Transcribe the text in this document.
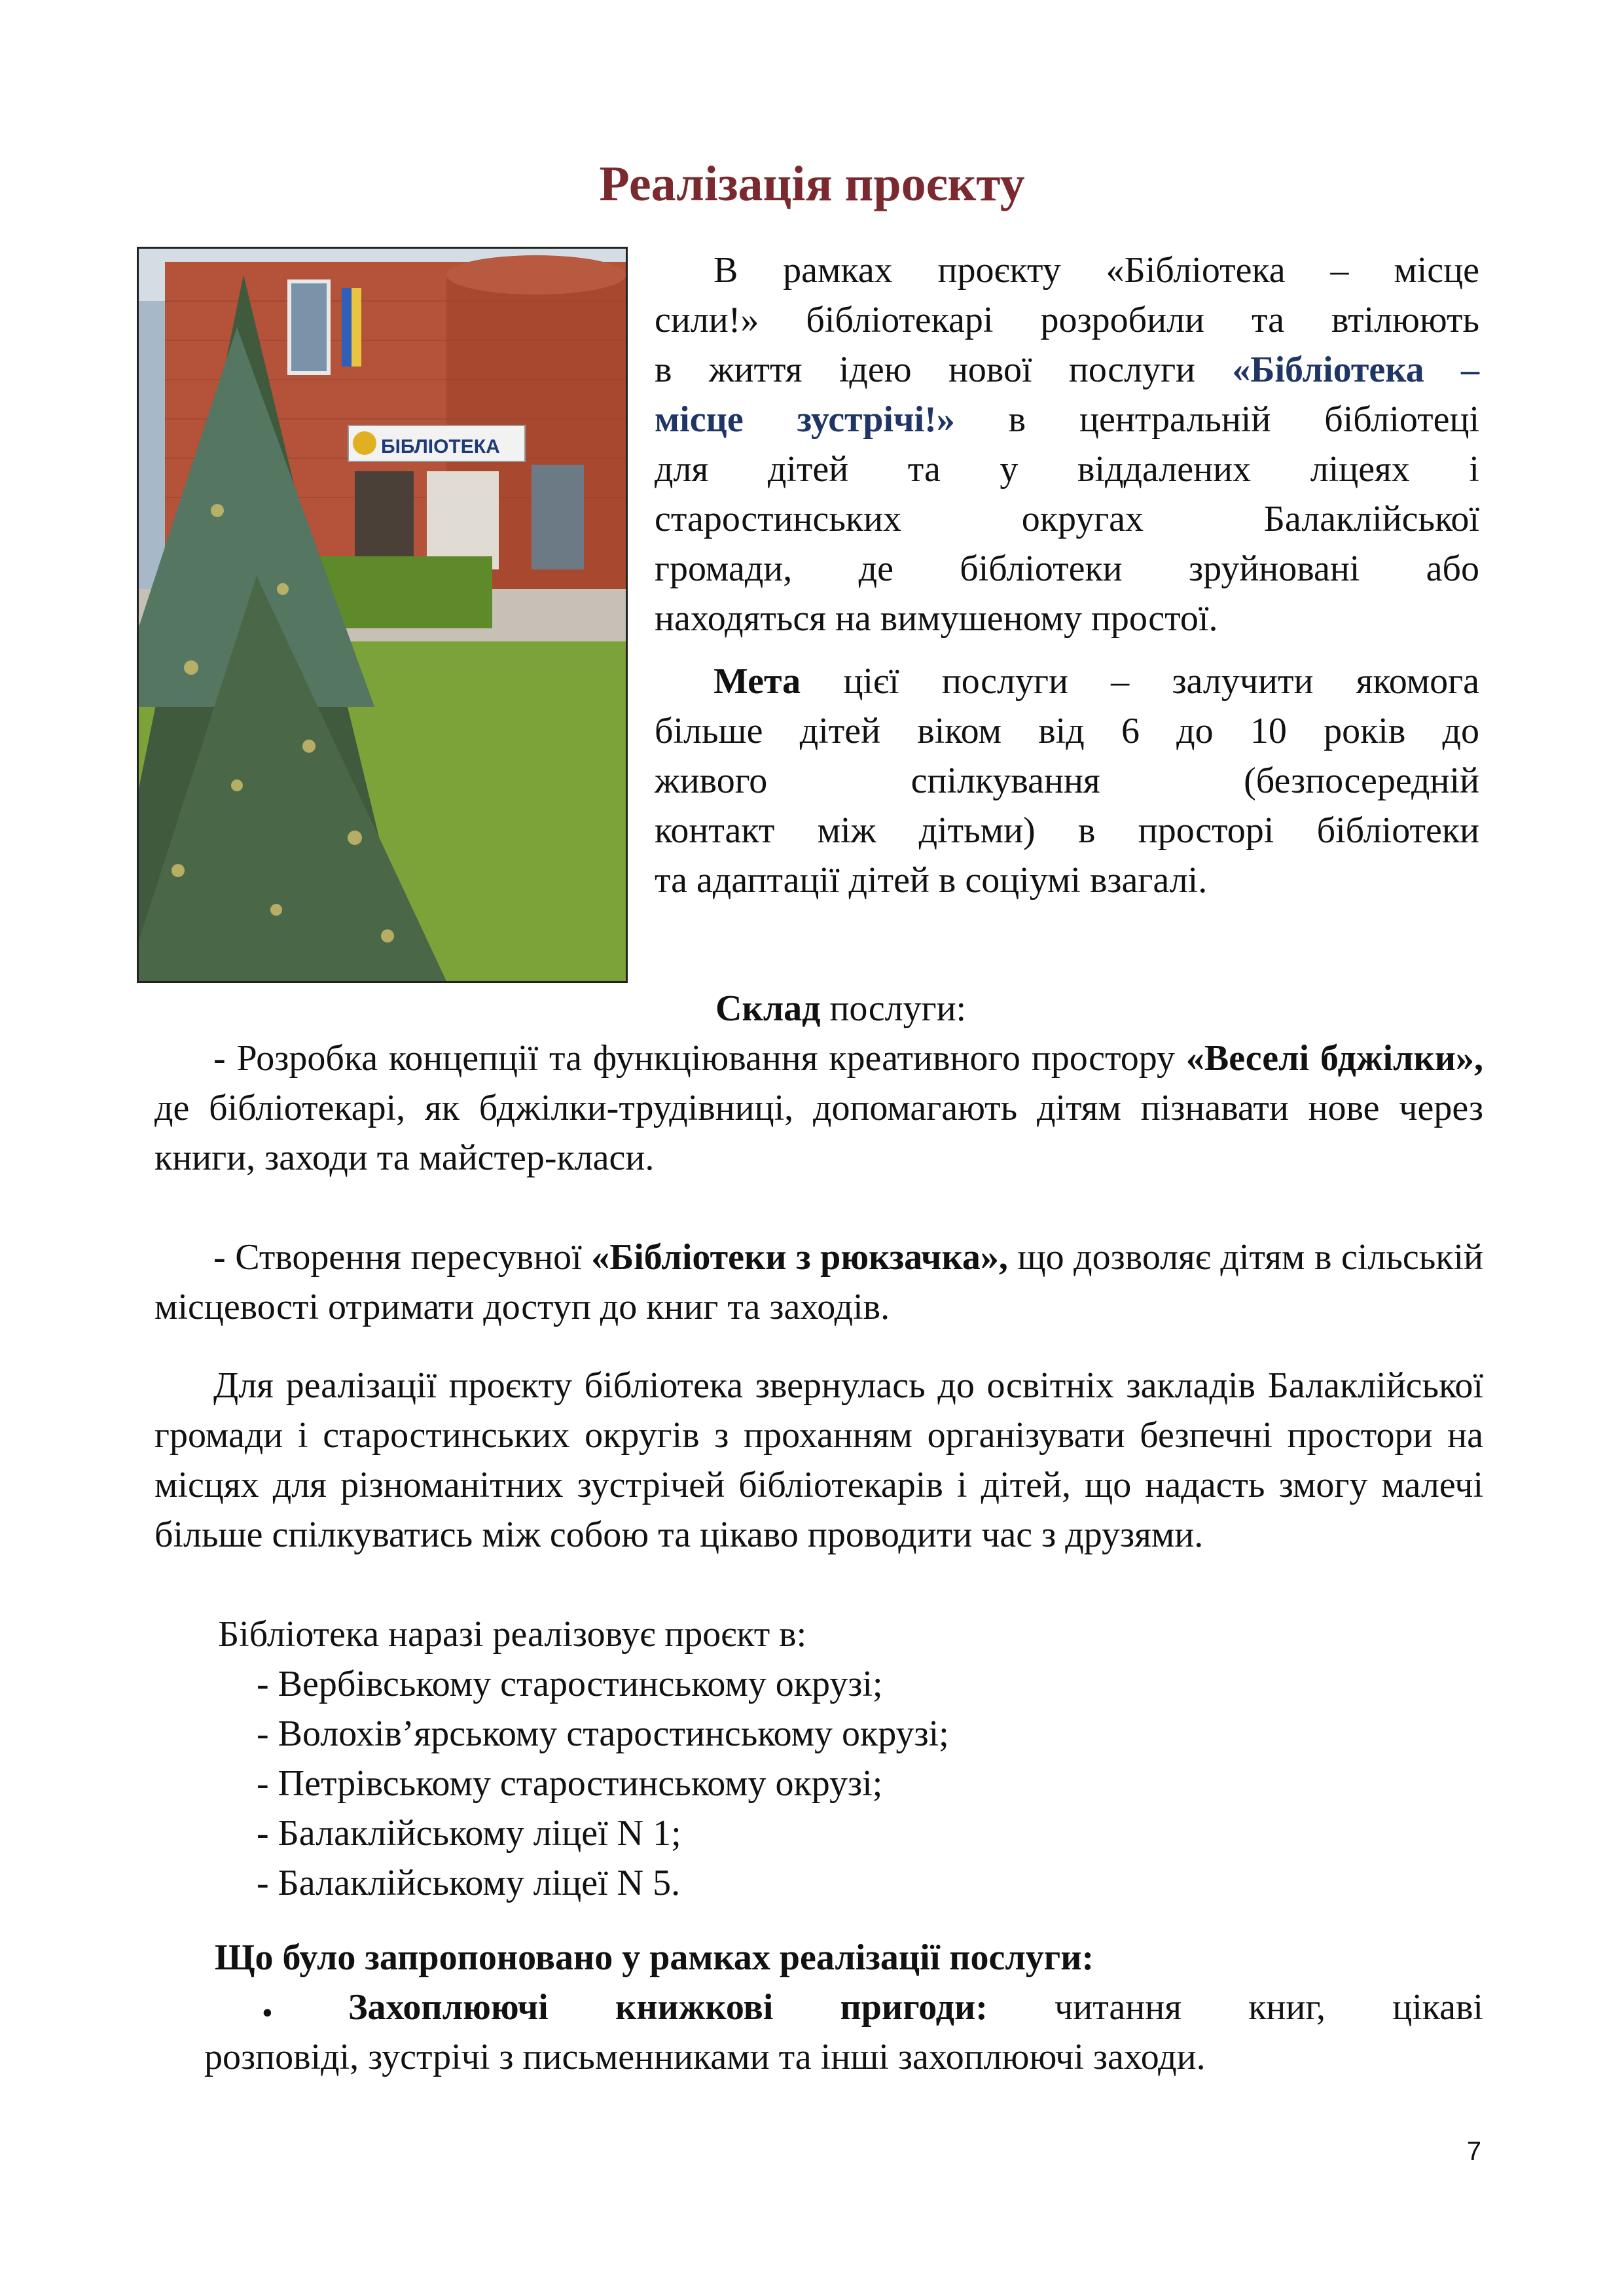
Реалізація проєкту
БІБЛІОТЕКА

В рамках проєкту «Бібліотека – місце

сили!» бібліотекарі розробили та втілюють

в життя ідею нової послуги «Бібліотека –

місце зустрічі!» в центральній бібліотеці

для дітей та у віддалених ліцеях і

старостинських округах Балаклійської

громади, де бібліотеки зруйновані або

находяться на вимушеному простої.

Мета цієї послуги – залучити якомога

більше дітей віком від 6 до 10 років до

живого спілкування (безпосередній

контакт між дітьми) в просторі бібліотеки

та адаптації дітей в соціумі взагалі.

Склад послуги:

- Розробка концепції та функціювання креативного простору «Веселі бджілки», де бібліотекарі, як бджілки-трудівниці, допомагають дітям пізнавати нове через книги, заходи та майстер-класи.

- Створення пересувної «Бібліотеки з рюкзачка», що дозволяє дітям в сільській місцевості отримати доступ до книг та заходів.

Для реалізації проєкту бібліотека звернулась до освітніх закладів Балаклійської громади і старостинських округів з проханням організувати безпечні простори на місцях для різноманітних зустрічей бібліотекарів і дітей, що надасть змогу малечі більше спілкуватись між собою та цікаво проводити час з друзями.

Бібліотека наразі реалізовує проєкт в:
- Вербівському старостинському окрузі;
- Волохів’ярському старостинському окрузі;
- Петрівському старостинському окрузі;
- Балаклійському ліцеї N 1;
- Балаклійському ліцеї N 5.
Що було запропоновано у рамках реалізації послуги:
• Захоплюючі книжкові пригоди: читання книг, цікаві

розповіді, зустрічі з письменниками та інші захоплюючі заходи.
7
